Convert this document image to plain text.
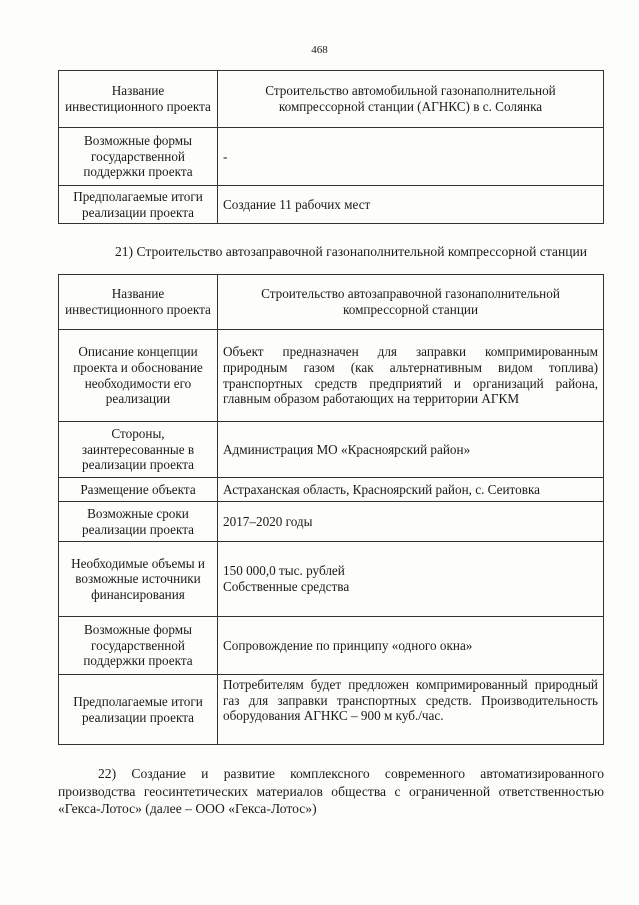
468
Название инвестиционного проекта	Строительство автомобильной газонаполнительной компрессорной станции (АГНКС) в с. Солянка
Возможные формы государственной поддержки проекта	-
Предполагаемые итоги реализации проекта	Создание 11 рабочих мест
21) Строительство автозаправочной газонаполнительной компрессорной станции
Название инвестиционного проекта	Строительство автозаправочной газонаполнительной компрессорной станции
Описание концепции проекта и обоснование необходимости его реализации	Объект предназначен для заправки компримированным природным газом (как альтернативным видом топлива) транспортных средств предприятий и организаций района, главным образом работающих на территории АГКМ
Стороны, заинтересованные в реализации проекта	Администрация МО «Красноярский район»
Размещение объекта	Астраханская область, Красноярский район, с. Сеитовка
Возможные сроки реализации проекта	2017–2020 годы
Необходимые объемы и возможные источники финансирования	150 000,0 тыс. рублей
Собственные средства

Возможные формы государственной поддержки проекта	Сопровождение по принципу «одного окна»
Предполагаемые итоги реализации проекта	Потребителям будет предложен компримированный природный газ для заправки транспортных средств. Производительность оборудования АГНКС – 900 м куб./час.
22) Создание и развитие комплексного современного автоматизированного производства геосинтетических материалов общества с ограниченной ответственностью «Гекса-Лотос» (далее – ООО «Гекса-Лотос»)
